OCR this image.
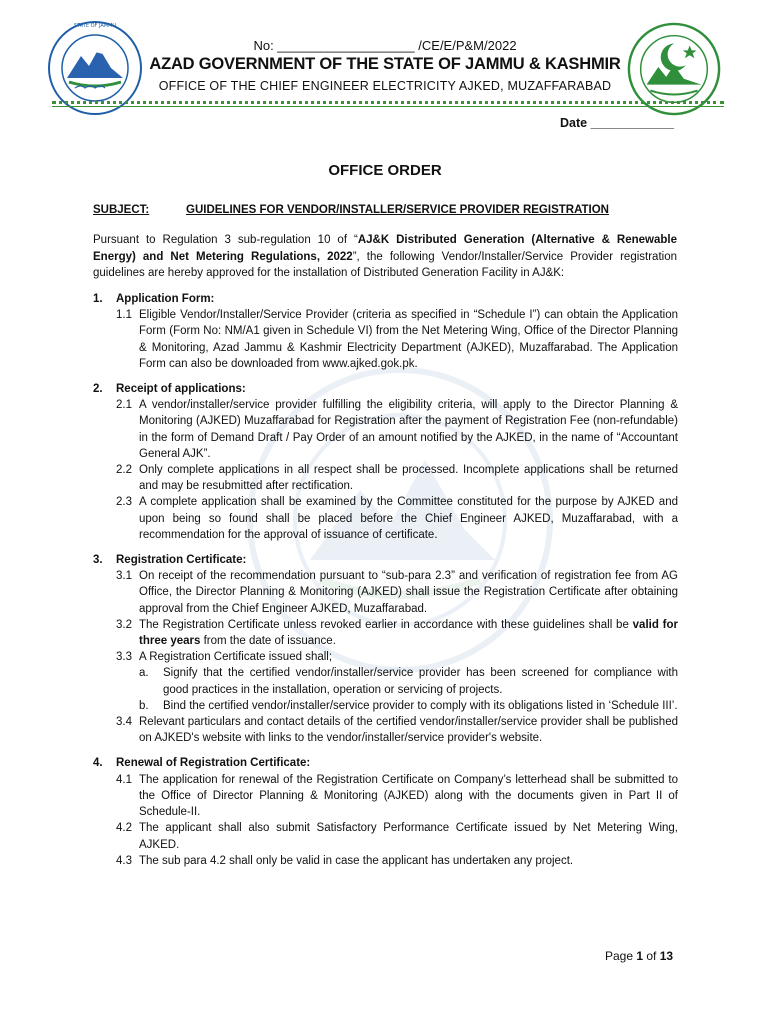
STATE OF JAMMU
No: ___________________ /CE/E/P&M/2022
AZAD GOVERNMENT OF THE STATE OF JAMMU & KASHMIR
OFFICE OF THE CHIEF ENGINEER ELECTRICITY AJKED, MUZAFFARABAD
Date ____________
OFFICE ORDER
SUBJECT:	GUIDELINES FOR VENDOR/INSTALLER/SERVICE PROVIDER REGISTRATION
Pursuant to Regulation 3 sub-regulation 10 of “AJ&K Distributed Generation (Alternative & Renewable Energy) and Net Metering Regulations, 2022”, the following Vendor/Installer/Service Provider registration guidelines are hereby approved for the installation of Distributed Generation Facility in AJ&K:
1.	Application Form:
1.1 Eligible Vendor/Installer/Service Provider (criteria as specified in “Schedule I”) can obtain the Application Form (Form No: NM/A1 given in Schedule VI) from the Net Metering Wing, Office of the Director Planning & Monitoring, Azad Jammu & Kashmir Electricity Department (AJKED), Muzaffarabad. The Application Form can also be downloaded from www.ajked.gok.pk.
2.	Receipt of applications:
2.1 A vendor/installer/service provider fulfilling the eligibility criteria, will apply to the Director Planning & Monitoring (AJKED) Muzaffarabad for Registration after the payment of Registration Fee (non-refundable) in the form of Demand Draft / Pay Order of an amount notified by the AJKED, in the name of “Accountant General AJK”.
2.2 Only complete applications in all respect shall be processed. Incomplete applications shall be returned and may be resubmitted after rectification.
2.3 A complete application shall be examined by the Committee constituted for the purpose by AJKED and upon being so found shall be placed before the Chief Engineer AJKED, Muzaffarabad, with a recommendation for the approval of issuance of certificate.
3.	Registration Certificate:
3.1 On receipt of the recommendation pursuant to “sub-para 2.3” and verification of registration fee from AG Office, the Director Planning & Monitoring (AJKED) shall issue the Registration Certificate after obtaining approval from the Chief Engineer AJKED, Muzaffarabad.
3.2 The Registration Certificate unless revoked earlier in accordance with these guidelines shall be valid for three years from the date of issuance.
3.3 A Registration Certificate issued shall;
a.	Signify that the certified vendor/installer/service provider has been screened for compliance with good practices in the installation, operation or servicing of projects.
b.	Bind the certified vendor/installer/service provider to comply with its obligations listed in ‘Schedule III’.
3.4 Relevant particulars and contact details of the certified vendor/installer/service provider shall be published on AJKED's website with links to the vendor/installer/service provider's website.
4.	Renewal of Registration Certificate:
4.1 The application for renewal of the Registration Certificate on Company’s letterhead shall be submitted to the Office of Director Planning & Monitoring (AJKED) along with the documents given in Part II of Schedule-II.
4.2 The applicant shall also submit Satisfactory Performance Certificate issued by Net Metering Wing, AJKED.
4.3 The sub para 4.2 shall only be valid in case the applicant has undertaken any project.
Page 1 of 13
